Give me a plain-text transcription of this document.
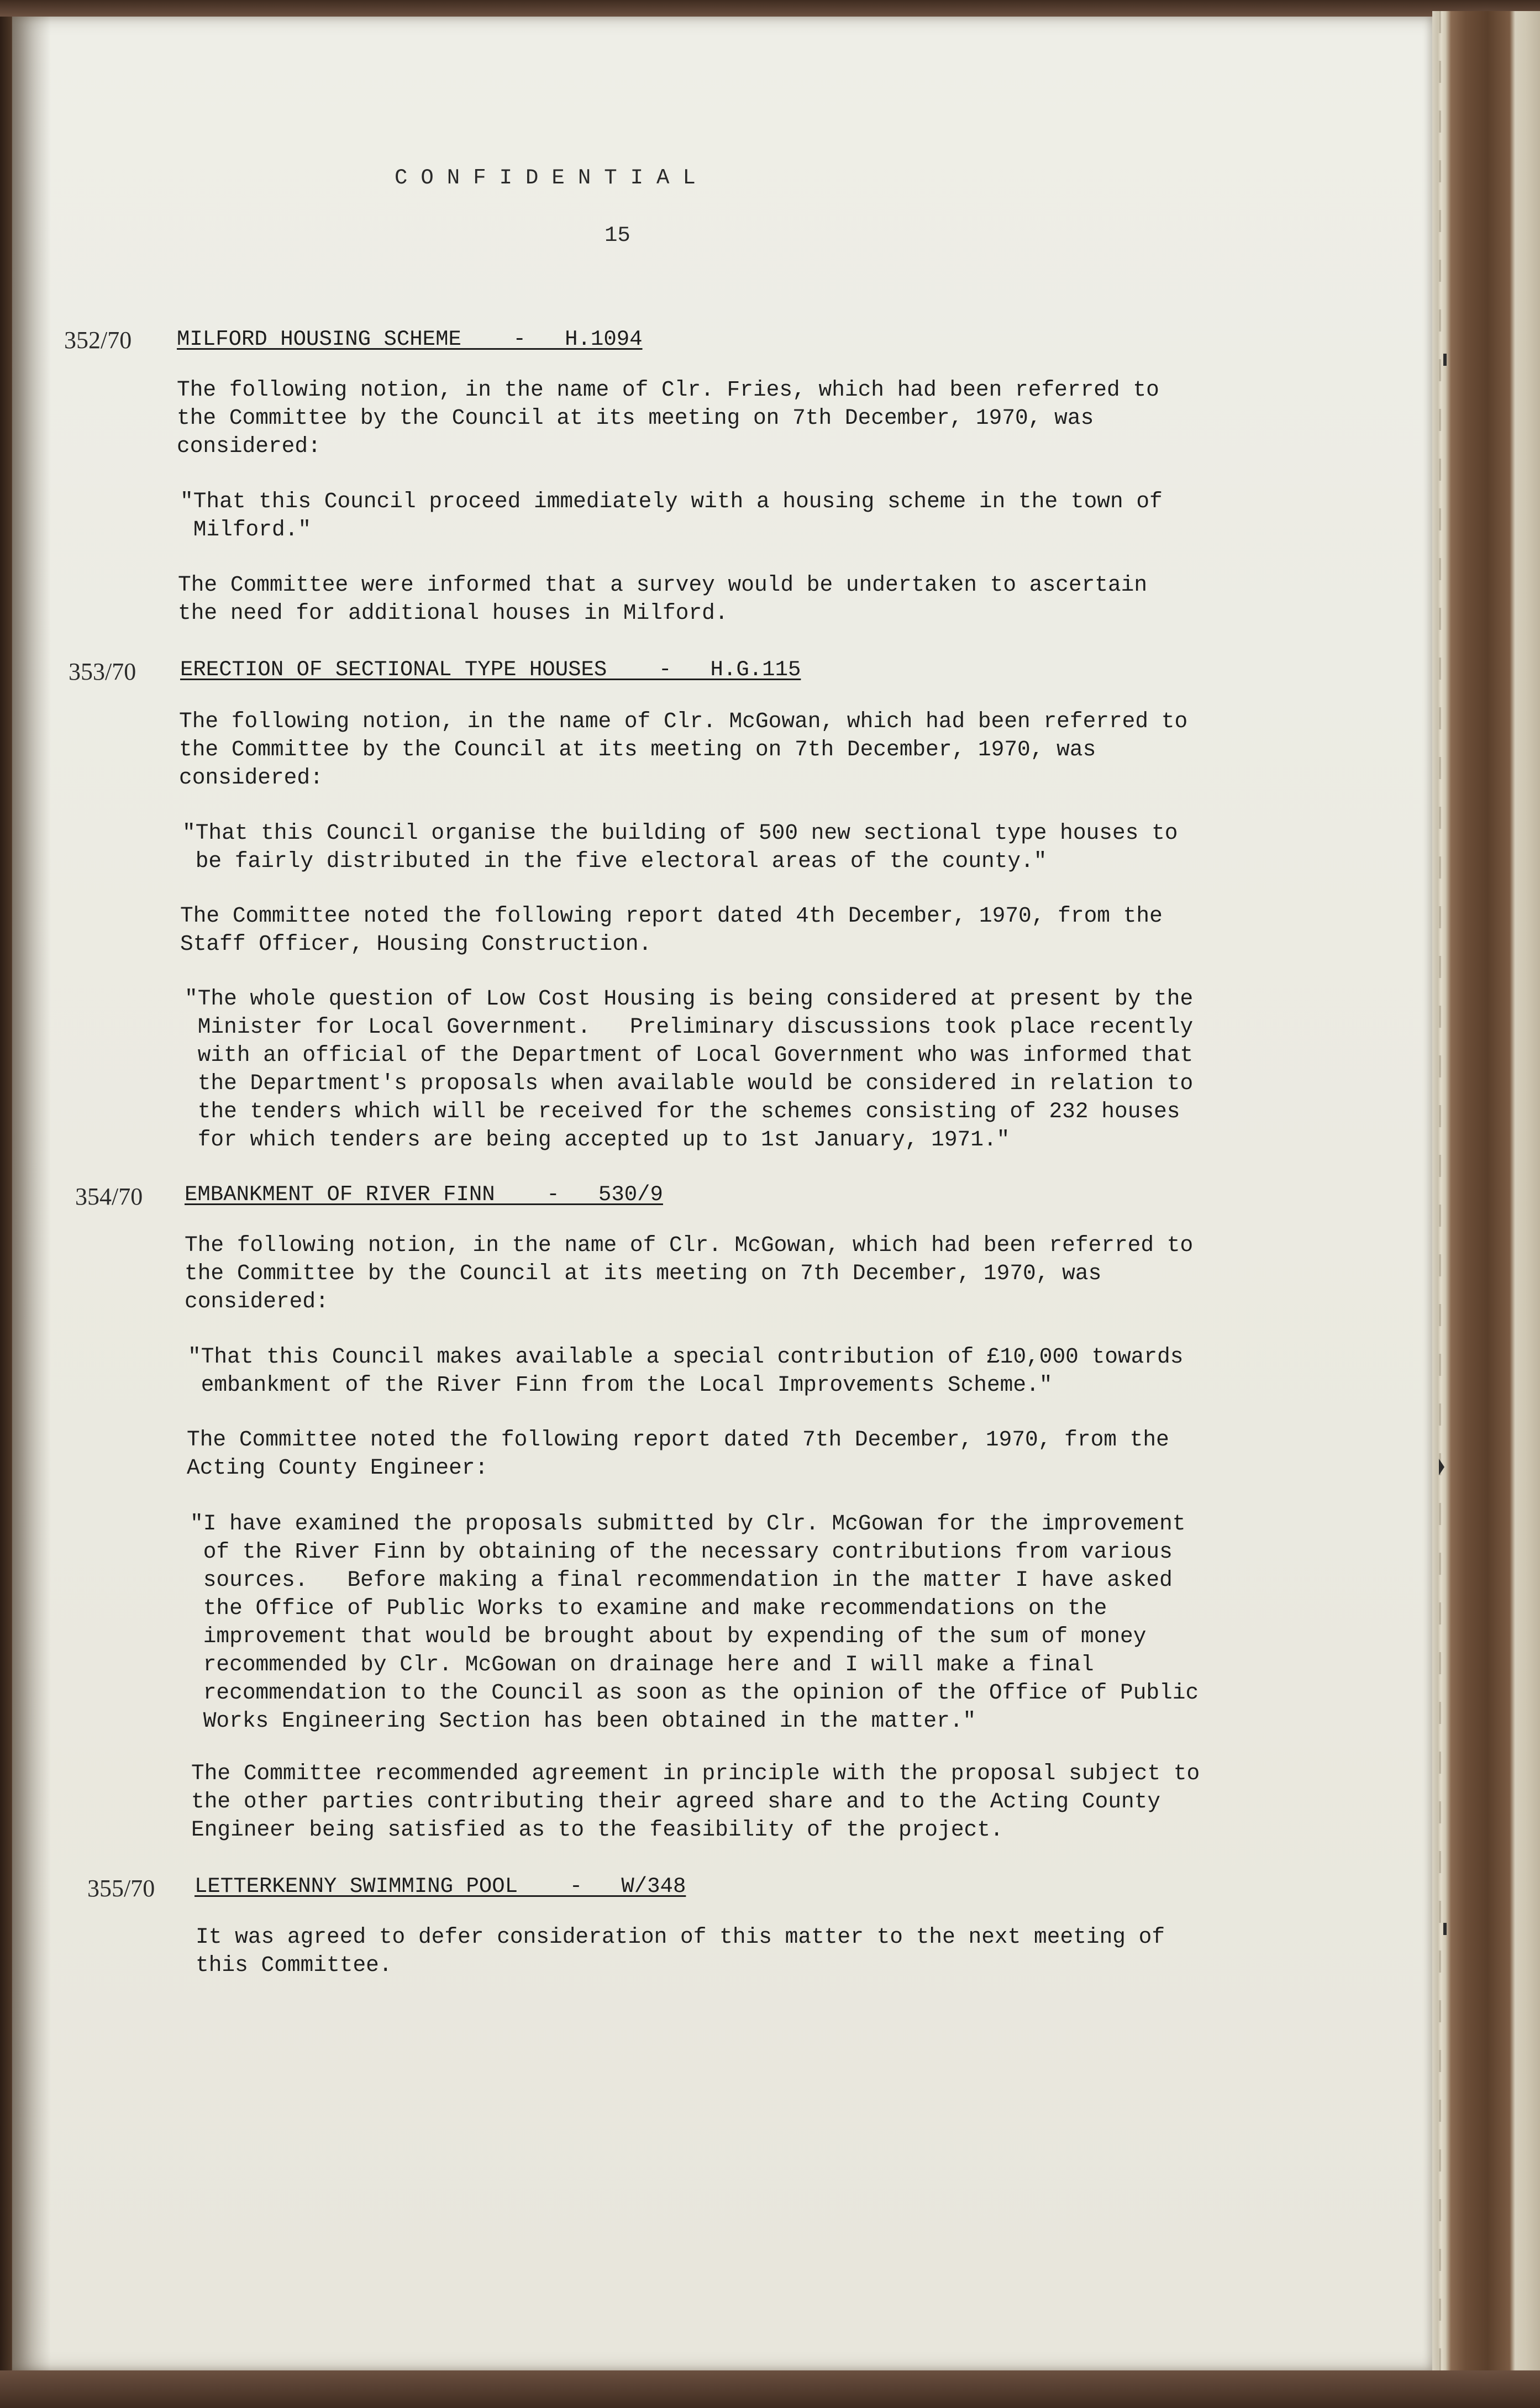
CONFIDENTIAL
15
352/70 MILFORD HOUSING SCHEME    -   H.1094
The following notion, in the name of Clr. Fries, which had been referred to
the Committee by the Council at its meeting on 7th December, 1970, was
considered:
"That this Council proceed immediately with a housing scheme in the town of
Milford."
The Committee were informed that a survey would be undertaken to ascertain
the need for additional houses in Milford.
353/70 ERECTION OF SECTIONAL TYPE HOUSES    -   H.G.115
The following notion, in the name of Clr. McGowan, which had been referred to
the Committee by the Council at its meeting on 7th December, 1970, was
considered:
"That this Council organise the building of 500 new sectional type houses to
be fairly distributed in the five electoral areas of the county."
The Committee noted the following report dated 4th December, 1970, from the
Staff Officer, Housing Construction.
"The whole question of Low Cost Housing is being considered at present by the
Minister for Local Government.   Preliminary discussions took place recently
with an official of the Department of Local Government who was informed that
the Department's proposals when available would be considered in relation to
the tenders which will be received for the schemes consisting of 232 houses
for which tenders are being accepted up to 1st January, 1971."
354/70 EMBANKMENT OF RIVER FINN    -   530/9
The following notion, in the name of Clr. McGowan, which had been referred to
the Committee by the Council at its meeting on 7th December, 1970, was
considered:
"That this Council makes available a special contribution of £10,000 towards
embankment of the River Finn from the Local Improvements Scheme."
The Committee noted the following report dated 7th December, 1970, from the
Acting County Engineer:
"I have examined the proposals submitted by Clr. McGowan for the improvement
of the River Finn by obtaining of the necessary contributions from various
sources.   Before making a final recommendation in the matter I have asked
the Office of Public Works to examine and make recommendations on the
improvement that would be brought about by expending of the sum of money
recommended by Clr. McGowan on drainage here and I will make a final
recommendation to the Council as soon as the opinion of the Office of Public
Works Engineering Section has been obtained in the matter."
The Committee recommended agreement in principle with the proposal subject to
the other parties contributing their agreed share and to the Acting County
Engineer being satisfied as to the feasibility of the project.
355/70 LETTERKENNY SWIMMING POOL    -   W/348
It was agreed to defer consideration of this matter to the next meeting of
this Committee.
